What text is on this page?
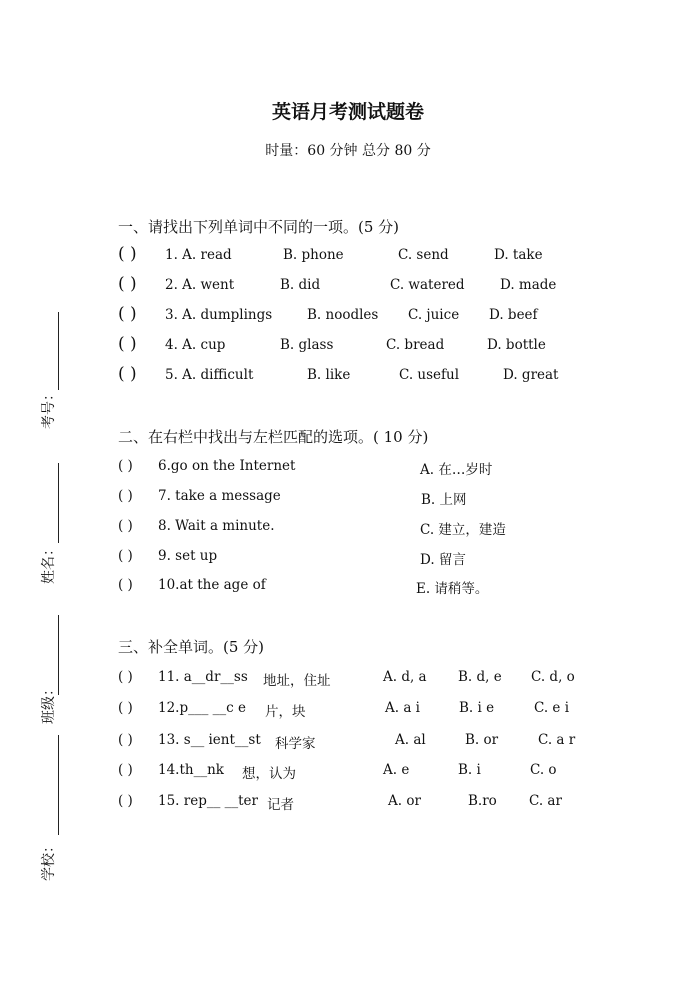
考号：
姓名：
班级：
学校：
英语月考测试题卷
时量：60 分钟 总分 80 分
一、请找出下列单词中不同的一项。(5 分)
( ) 1. A. read	B. phone	C. send	D. take
( ) 2. A. went	B. did	C. watered	D. made
( ) 3. A. dumplings	B. noodles C. juice D. beef
( ) 4. A. cup	B. glass	C. bread	D. bottle
( ) 5. A. difficult	B. like	C. useful	D. great
二、在右栏中找出与左栏匹配的选项。( 10 分)
( ) 6.go on the Internet	A. 在…岁时
( ) 7. take a message	B. 上网
( ) 8. Wait a minute.	C. 建立，建造
( ) 9. set up	D. 留言
( ) 10.at the age of	E. 请稍等。
三、补全单词。(5 分)
( ) 11. a__dr__ss 地址，住址	A. d, a B. d, e C. d, o
( ) 12.p___ __c e 片，块	A. a i	B. i e	C. e i
( ) 13. s__ ient__st 科学家	A. al	B. or	C. a r
( ) 14.th__nk 想，认为	A. e	B. i	C. o
( ) 15. rep__ __ter 记者	A. or	B.ro C. ar
